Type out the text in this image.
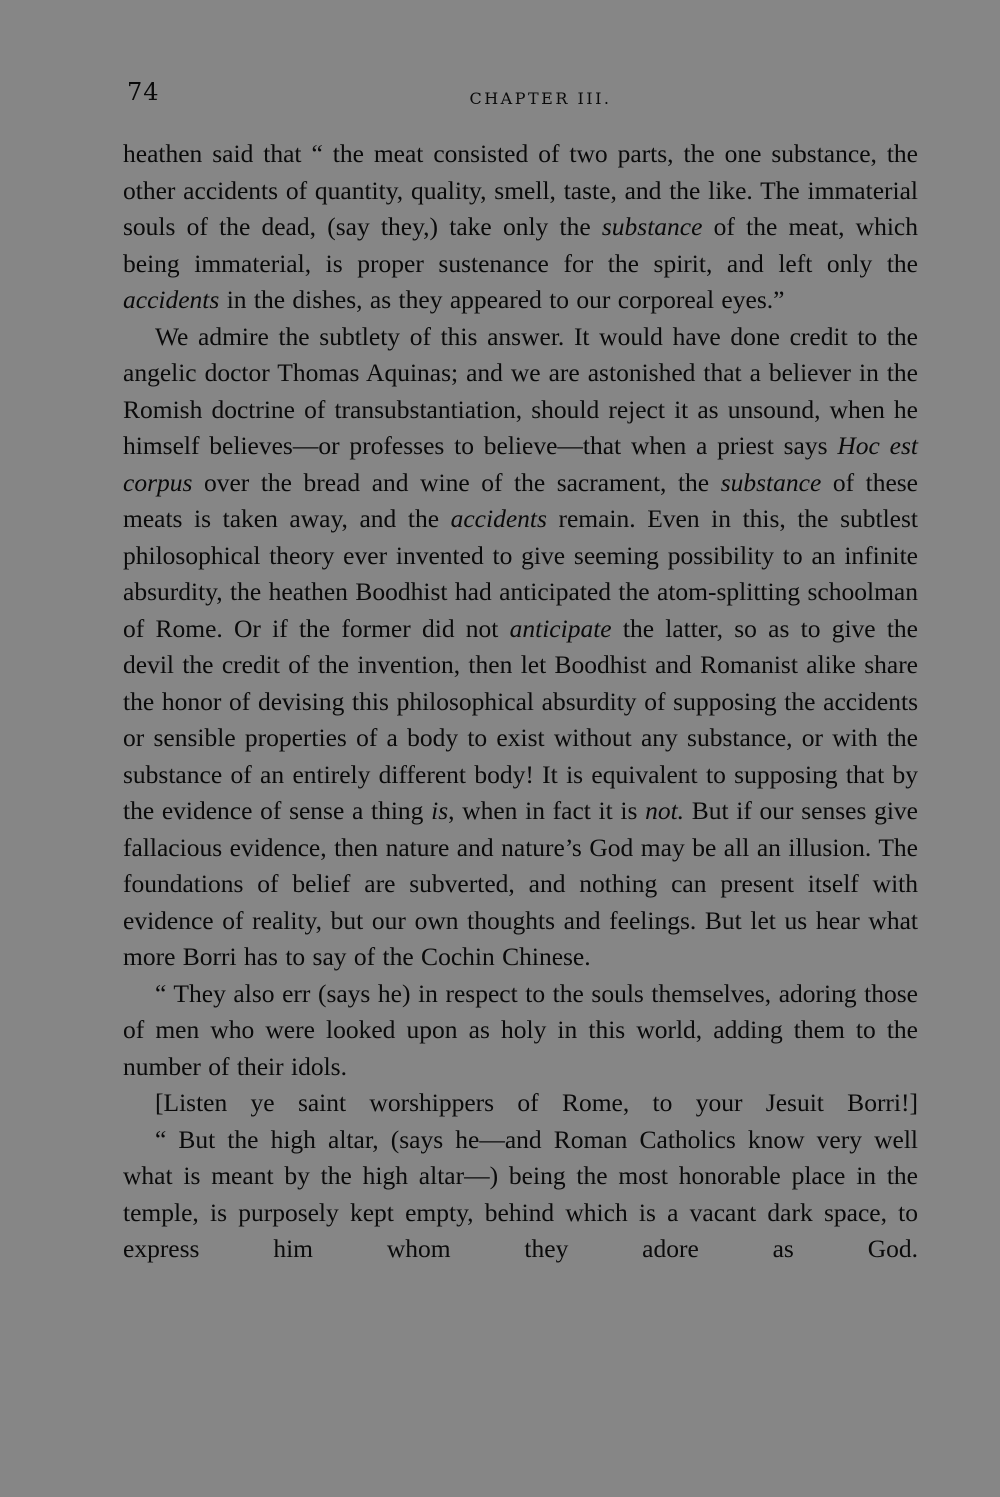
74	CHAPTER III.

heathen said that “ the meat consisted of two parts, the one substance, the other accidents of quantity, quality, smell, taste, and the like. The immaterial souls of the dead, (say they,) take only the substance of the meat, which being immaterial, is proper sustenance for the spirit, and left only the accidents in the dishes, as they appeared to our corporeal eyes.”

We admire the subtlety of this answer. It would have done credit to the angelic doctor Thomas Aquinas; and we are astonished that a believer in the Romish doctrine of transubstantiation, should reject it as unsound, when he himself believes—or professes to believe—that when a priest says Hoc est corpus over the bread and wine of the sacrament, the substance of these meats is taken away, and the accidents remain. Even in this, the subtlest philosophical theory ever invented to give seeming possibility to an infinite absurdity, the heathen Boodhist had anticipated the atom-splitting schoolman of Rome. Or if the former did not anticipate the latter, so as to give the devil the credit of the invention, then let Boodhist and Romanist alike share the honor of devising this philosophical absurdity of supposing the accidents or sensible properties of a body to exist without any substance, or with the substance of an entirely different body! It is equivalent to supposing that by the evidence of sense a thing is, when in fact it is not. But if our senses give fallacious evidence, then nature and nature’s God may be all an illusion. The foundations of belief are subverted, and nothing can present itself with evidence of reality, but our own thoughts and feelings. But let us hear what more Borri has to say of the Cochin Chinese.

“ They also err (says he) in respect to the souls themselves, adoring those of men who were looked upon as holy in this world, adding them to the number of their idols.

[Listen ye saint worshippers of Rome, to your Jesuit Borri!]

“ But the high altar, (says he—and Roman Catholics know very well what is meant by the high altar—) being the most honorable place in the temple, is purposely kept empty, behind which is a vacant dark space, to express him whom they adore as God.
